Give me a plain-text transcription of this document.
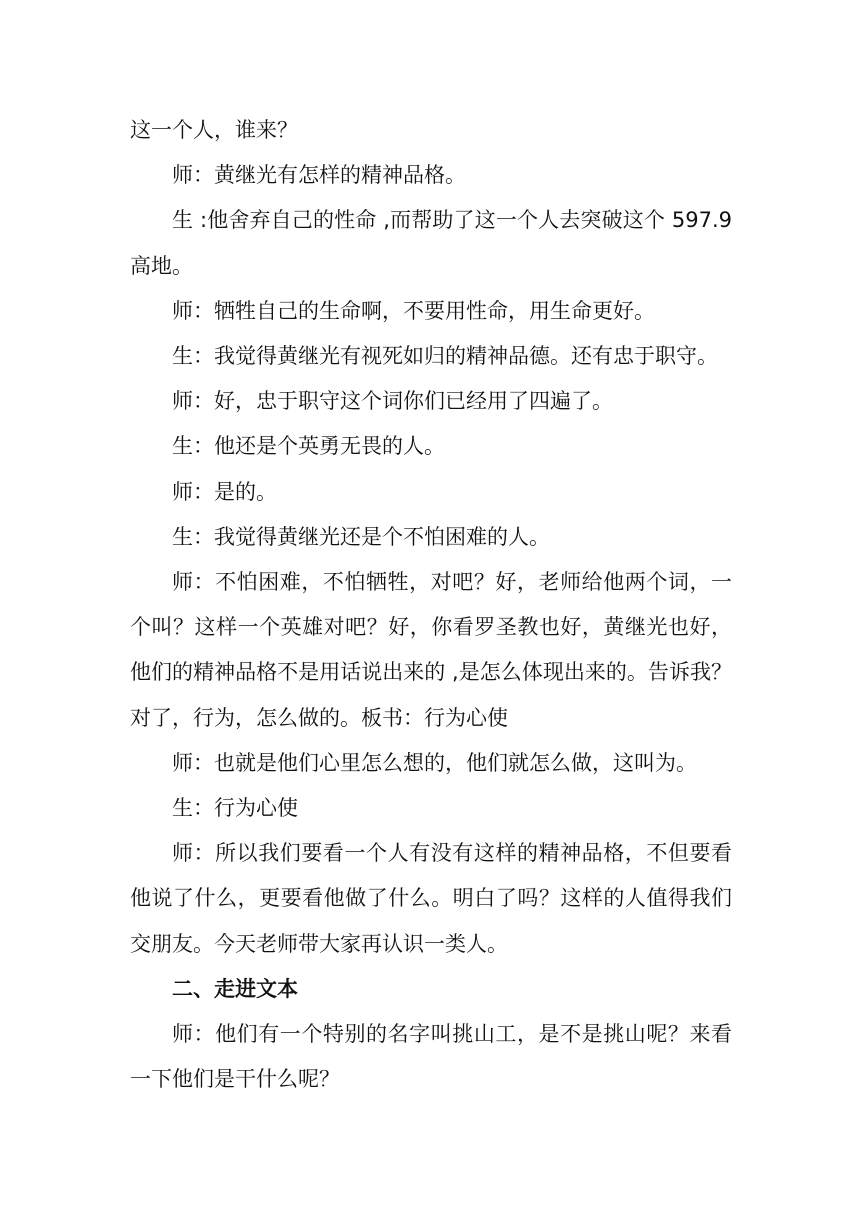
这一个人，谁来？

师：黄继光有怎样的精神品格。

生 :他舍弃自己的性命 ,而帮助了这一个人去突破这个 597.9 高地。

师：牺牲自己的生命啊，不要用性命，用生命更好。

生：我觉得黄继光有视死如归的精神品德。还有忠于职守。

师：好，忠于职守这个词你们已经用了四遍了。

生：他还是个英勇无畏的人。

师：是的。

生：我觉得黄继光还是个不怕困难的人。

师：不怕困难，不怕牺牲，对吧？好，老师给他两个词，一个叫？这样一个英雄对吧？好，你看罗圣教也好，黄继光也好，他们的精神品格不是用话说出来的 ,是怎么体现出来的。告诉我？对了，行为，怎么做的。板书：行为心使

师：也就是他们心里怎么想的，他们就怎么做，这叫为。

生：行为心使

师：所以我们要看一个人有没有这样的精神品格，不但要看他说了什么，更要看他做了什么。明白了吗？这样的人值得我们交朋友。今天老师带大家再认识一类人。

二、走进文本

师：他们有一个特别的名字叫挑山工，是不是挑山呢？来看一下他们是干什么呢？
